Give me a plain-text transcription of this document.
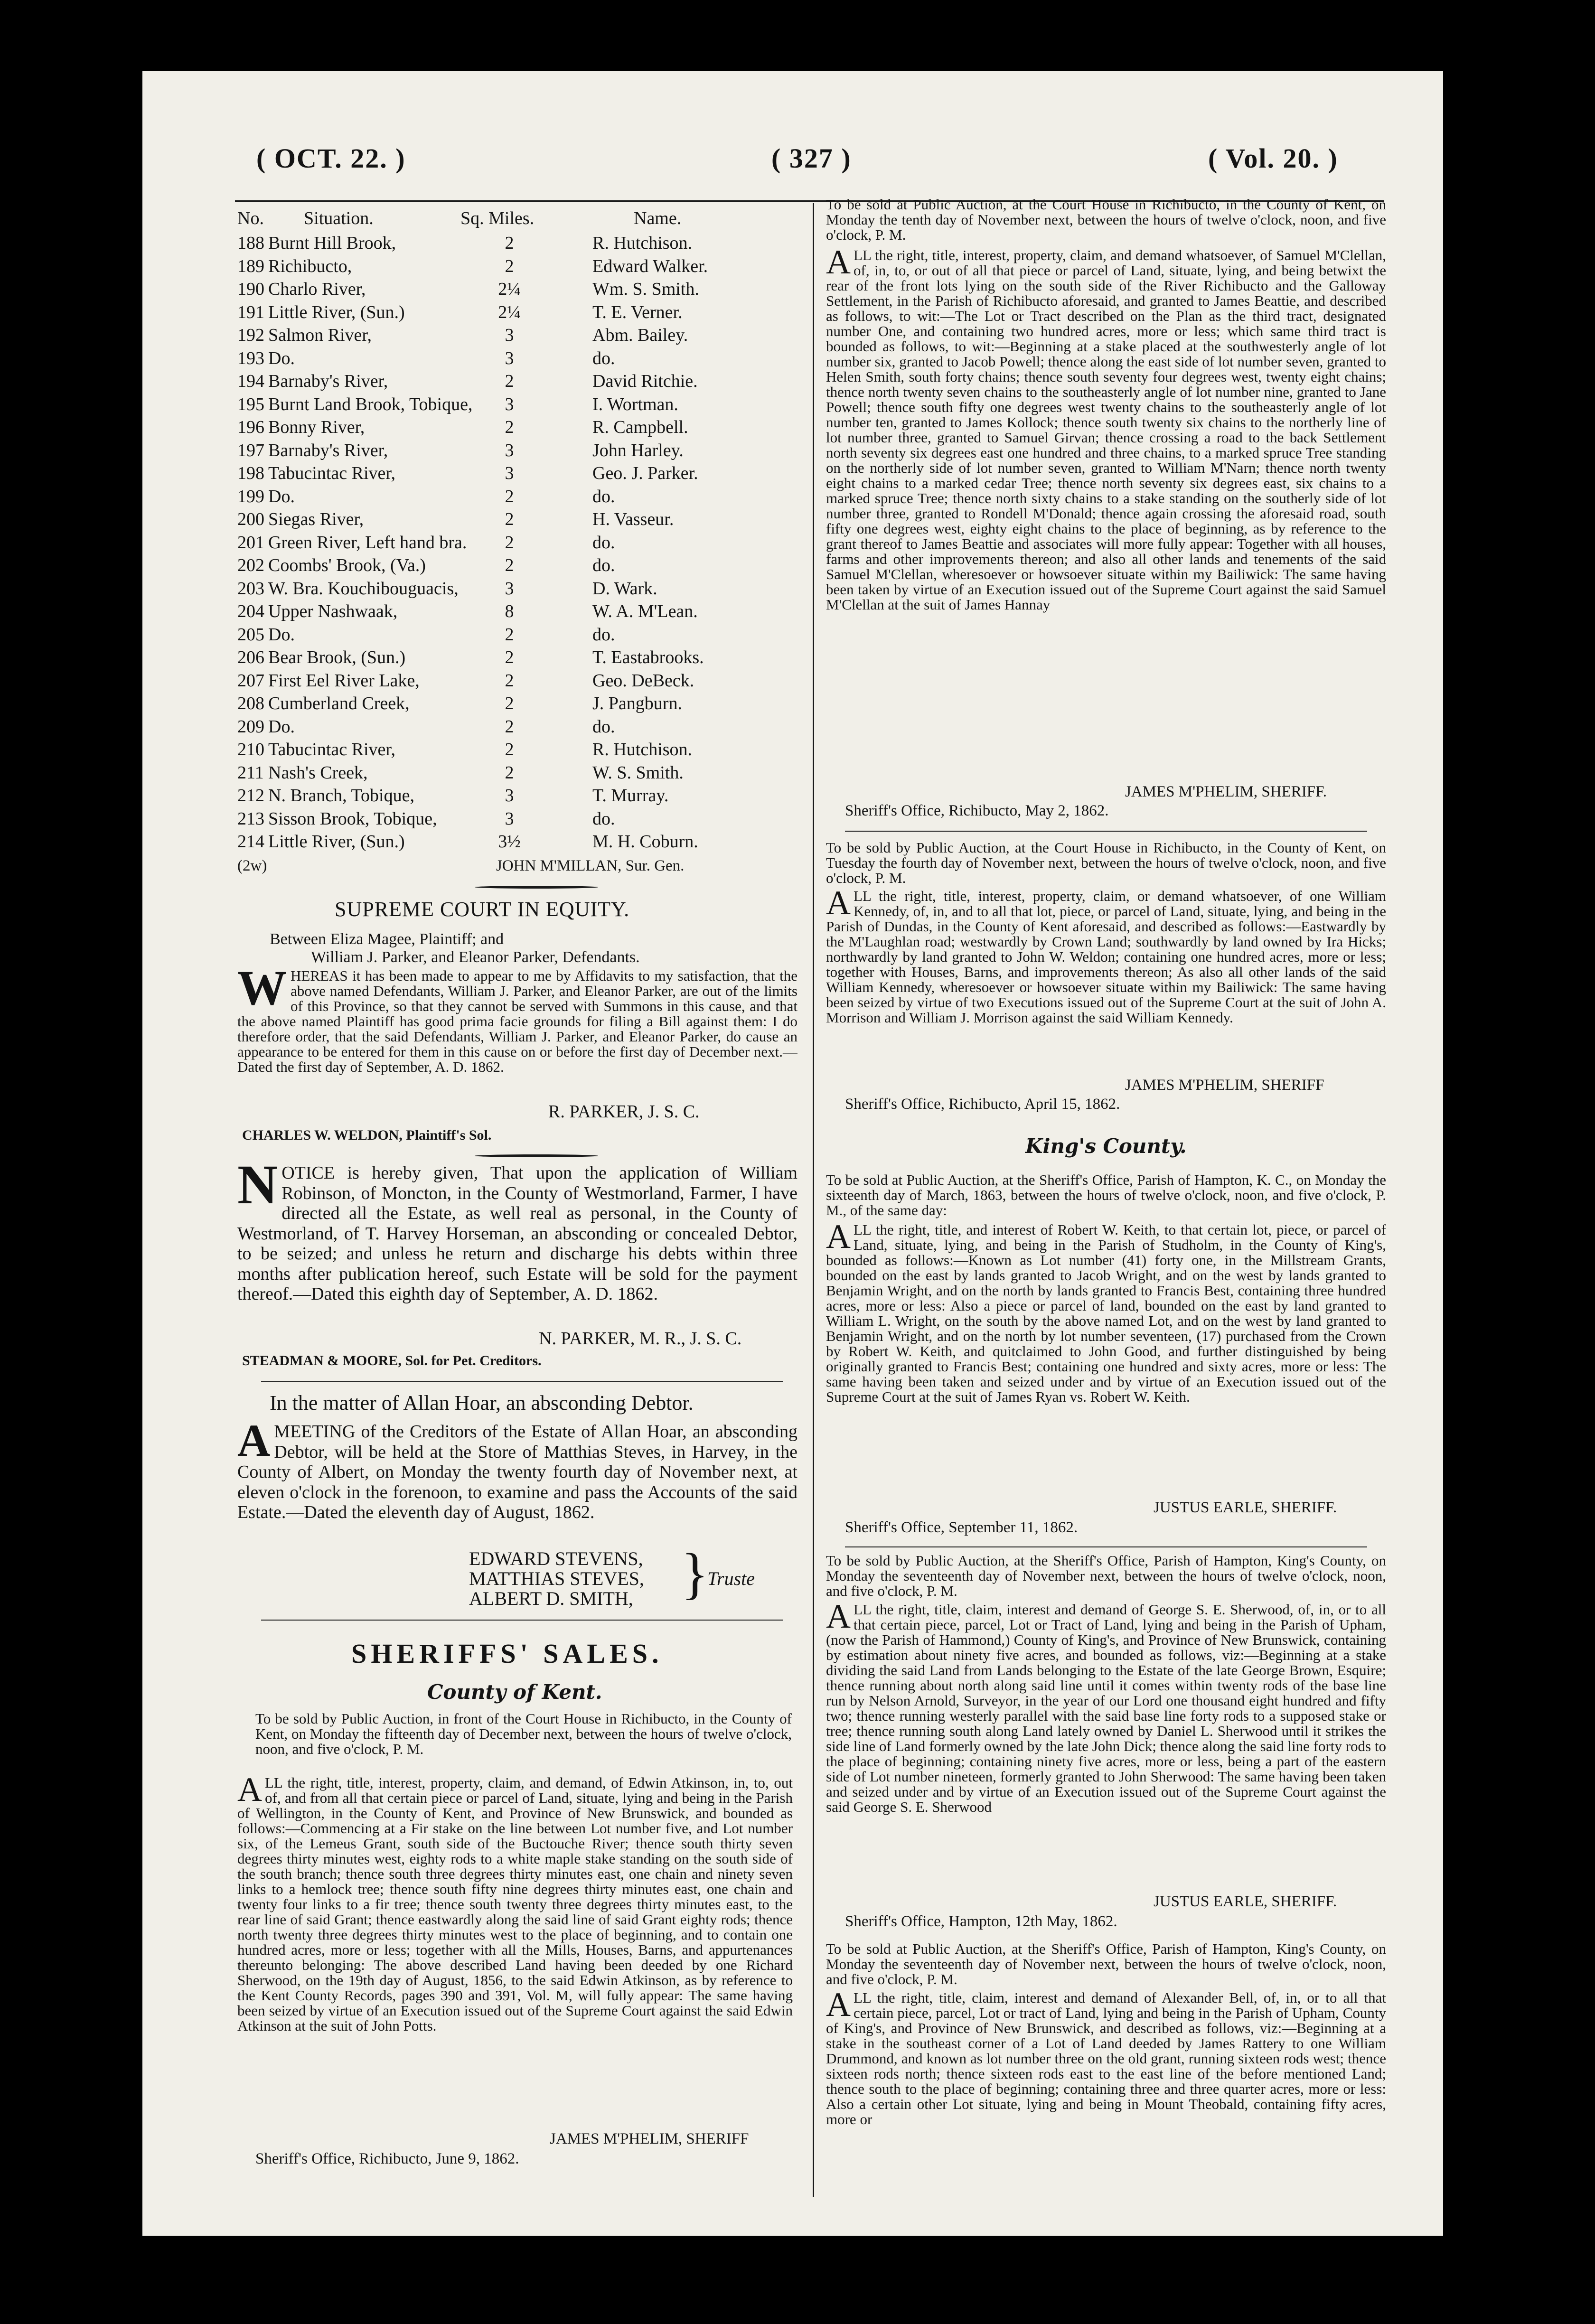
( OCT. 22. )	( 327 )	( Vol. 20. )
No. Situation.	Sq. Miles.	Name.
188 Burnt Hill Brook,	2	R. Hutchison.
189 Richibucto,	2	Edward Walker.
190 Charlo River,	2¼	Wm. S. Smith.
191 Little River, (Sun.)	2¼	T. E. Verner.
192 Salmon River,	3	Abm. Bailey.
193 Do.	3	do.
194 Barnaby's River,	2	David Ritchie.
195 Burnt Land Brook, Tobique,	3	I. Wortman.
196 Bonny River,	2	R. Campbell.
197 Barnaby's River,	3	John Harley.
198 Tabucintac River,	3	Geo. J. Parker.
199 Do.	2	do.
200 Siegas River,	2	H. Vasseur.
201 Green River, Left hand bra.	2	do.
202 Coombs' Brook, (Va.)	2	do.
203 W. Bra. Kouchibouguacis,	3	D. Wark.
204 Upper Nashwaak,	8	W. A. M'Lean.
205 Do.	2	do.
206 Bear Brook, (Sun.)	2	T. Eastabrooks.
207 First Eel River Lake,	2	Geo. DeBeck.
208 Cumberland Creek,	2	J. Pangburn.
209 Do.	2	do.
210 Tabucintac River,	2	R. Hutchison.
211 Nash's Creek,	2	W. S. Smith.
212 N. Branch, Tobique,	3	T. Murray.
213 Sisson Brook, Tobique,	3	do.
214 Little River, (Sun.)	3½	M. H. Coburn.
(2w)	JOHN M'MILLAN, Sur. Gen.
SUPREME COURT IN EQUITY.
Between Eliza Magee, Plaintiff; and
William J. Parker, and Eleanor Parker, Defendants.
WHEREAS it has been made to appear to me by Affidavits to my satisfaction, that the above named Defendants, William J. Parker, and Eleanor Parker, are out of the limits of this Province, so that they cannot be served with Summons in this cause, and that the above named Plaintiff has good prima facie grounds for filing a Bill against them: I do therefore order, that the said Defendants, William J. Parker, and Eleanor Parker, do cause an appearance to be entered for them in this cause on or before the first day of December next.—Dated the first day of September, A. D. 1862.
R. PARKER, J. S. C.
CHARLES W. WELDON, Plaintiff's Sol.
NOTICE is hereby given, That upon the application of William Robinson, of Moncton, in the County of Westmorland, Farmer, I have directed all the Estate, as well real as personal, in the County of Westmorland, of T. Harvey Horseman, an absconding or concealed Debtor, to be seized; and unless he return and discharge his debts within three months after publication hereof, such Estate will be sold for the payment thereof.—Dated this eighth day of September, A. D. 1862.
N. PARKER, M. R., J. S. C.
STEADMAN & MOORE, Sol. for Pet. Creditors.
In the matter of Allan Hoar, an absconding Debtor.
AMEETING of the Creditors of the Estate of Allan Hoar, an absconding Debtor, will be held at the Store of Matthias Steves, in Harvey, in the County of Albert, on Monday the twenty fourth day of November next, at eleven o'clock in the forenoon, to examine and pass the Accounts of the said Estate.—Dated the eleventh day of August, 1862.
EDWARD STEVENS,
MATTHIAS STEVES,
ALBERT D. SMITH, }
Truste
SHERIFFS' SALES.
County of Kent.
To be sold by Public Auction, in front of the Court House in Richibucto, in the County of Kent, on Monday the fifteenth day of December next, between the hours of twelve o'clock, noon, and five o'clock, P. M.
ALL the right, title, interest, property, claim, and demand, of Edwin Atkinson, in, to, out of, and from all that certain piece or parcel of Land, situate, lying and being in the Parish of Wellington, in the County of Kent, and Province of New Brunswick, and bounded as follows:—Commencing at a Fir stake on the line between Lot number five, and Lot number six, of the Lemeus Grant, south side of the Buctouche River; thence south thirty seven degrees thirty minutes west, eighty rods to a white maple stake standing on the south side of the south branch; thence south three degrees thirty minutes east, one chain and ninety seven links to a hemlock tree; thence south fifty nine degrees thirty minutes east, one chain and twenty four links to a fir tree; thence south twenty three degrees thirty minutes east, to the rear line of said Grant; thence eastwardly along the said line of said Grant eighty rods; thence north twenty three degrees thirty minutes west to the place of beginning, and to contain one hundred acres, more or less; together with all the Mills, Houses, Barns, and appurtenances thereunto belonging: The above described Land having been deeded by one Richard Sherwood, on the 19th day of August, 1856, to the said Edwin Atkinson, as by reference to the Kent County Records, pages 390 and 391, Vol. M, will fully appear: The same having been seized by virtue of an Execution issued out of the Supreme Court against the said Edwin Atkinson at the suit of John Potts.
JAMES M'PHELIM, SHERIFF
Sheriff's Office, Richibucto, June 9, 1862.
To be sold at Public Auction, at the Court House in Richibucto, in the County of Kent, on Monday the tenth day of November next, between the hours of twelve o'clock, noon, and five o'clock, P. M.
ALL the right, title, interest, property, claim, and demand whatsoever, of Samuel M'Clellan, of, in, to, or out of all that piece or parcel of Land, situate, lying, and being betwixt the rear of the front lots lying on the south side of the River Richibucto and the Galloway Settlement, in the Parish of Richibucto aforesaid, and granted to James Beattie, and described as follows, to wit:—The Lot or Tract described on the Plan as the third tract, designated number One, and containing two hundred acres, more or less; which same third tract is bounded as follows, to wit:—Beginning at a stake placed at the southwesterly angle of lot number six, granted to Jacob Powell; thence along the east side of lot number seven, granted to Helen Smith, south forty chains; thence south seventy four degrees west, twenty eight chains; thence north twenty seven chains to the southeasterly angle of lot number nine, granted to Jane Powell; thence south fifty one degrees west twenty chains to the southeasterly angle of lot number ten, granted to James Kollock; thence south twenty six chains to the northerly line of lot number three, granted to Samuel Girvan; thence crossing a road to the back Settlement north seventy six degrees east one hundred and three chains, to a marked spruce Tree standing on the northerly side of lot number seven, granted to William M'Narn; thence north twenty eight chains to a marked cedar Tree; thence north seventy six degrees east, six chains to a marked spruce Tree; thence north sixty chains to a stake standing on the southerly side of lot number three, granted to Rondell M'Donald; thence again crossing the aforesaid road, south fifty one degrees west, eighty eight chains to the place of beginning, as by reference to the grant thereof to James Beattie and associates will more fully appear: Together with all houses, farms and other improvements thereon; and also all other lands and tenements of the said Samuel M'Clellan, wheresoever or howsoever situate within my Bailiwick: The same having been taken by virtue of an Execution issued out of the Supreme Court against the said Samuel M'Clellan at the suit of James Hannay
JAMES M'PHELIM, SHERIFF.
Sheriff's Office, Richibucto, May 2, 1862.
To be sold by Public Auction, at the Court House in Richibucto, in the County of Kent, on Tuesday the fourth day of November next, between the hours of twelve o'clock, noon, and five o'clock, P. M.
ALL the right, title, interest, property, claim, or demand whatsoever, of one William Kennedy, of, in, and to all that lot, piece, or parcel of Land, situate, lying, and being in the Parish of Dundas, in the County of Kent aforesaid, and described as follows:—Eastwardly by the M'Laughlan road; westwardly by Crown Land; southwardly by land owned by Ira Hicks; northwardly by land granted to John W. Weldon; containing one hundred acres, more or less; together with Houses, Barns, and improvements thereon; As also all other lands of the said William Kennedy, wheresoever or howsoever situate within my Bailiwick: The same having been seized by virtue of two Executions issued out of the Supreme Court at the suit of John A. Morrison and William J. Morrison against the said William Kennedy.
JAMES M'PHELIM, SHERIFF
Sheriff's Office, Richibucto, April 15, 1862.
King's County.
To be sold at Public Auction, at the Sheriff's Office, Parish of Hampton, K. C., on Monday the sixteenth day of March, 1863, between the hours of twelve o'clock, noon, and five o'clock, P. M., of the same day:
ALL the right, title, and interest of Robert W. Keith, to that certain lot, piece, or parcel of Land, situate, lying, and being in the Parish of Studholm, in the County of King's, bounded as follows:—Known as Lot number (41) forty one, in the Millstream Grants, bounded on the east by lands granted to Jacob Wright, and on the west by lands granted to Benjamin Wright, and on the north by lands granted to Francis Best, containing three hundred acres, more or less: Also a piece or parcel of land, bounded on the east by land granted to William L. Wright, on the south by the above named Lot, and on the west by land granted to Benjamin Wright, and on the north by lot number seventeen, (17) purchased from the Crown by Robert W. Keith, and quitclaimed to John Good, and further distinguished by being originally granted to Francis Best; containing one hundred and sixty acres, more or less: The same having been taken and seized under and by virtue of an Execution issued out of the Supreme Court at the suit of James Ryan vs. Robert W. Keith.
JUSTUS EARLE, SHERIFF.
Sheriff's Office, September 11, 1862.
To be sold by Public Auction, at the Sheriff's Office, Parish of Hampton, King's County, on Monday the seventeenth day of November next, between the hours of twelve o'clock, noon, and five o'clock, P. M.
ALL the right, title, claim, interest and demand of George S. E. Sherwood, of, in, or to all that certain piece, parcel, Lot or Tract of Land, lying and being in the Parish of Upham, (now the Parish of Hammond,) County of King's, and Province of New Brunswick, containing by estimation about ninety five acres, and bounded as follows, viz:—Beginning at a stake dividing the said Land from Lands belonging to the Estate of the late George Brown, Esquire; thence running about north along said line until it comes within twenty rods of the base line run by Nelson Arnold, Surveyor, in the year of our Lord one thousand eight hundred and fifty two; thence running westerly parallel with the said base line forty rods to a supposed stake or tree; thence running south along Land lately owned by Daniel L. Sherwood until it strikes the side line of Land formerly owned by the late John Dick; thence along the said line forty rods to the place of beginning; containing ninety five acres, more or less, being a part of the eastern side of Lot number nineteen, formerly granted to John Sherwood: The same having been taken and seized under and by virtue of an Execution issued out of the Supreme Court against the said George S. E. Sherwood
JUSTUS EARLE, SHERIFF.
Sheriff's Office, Hampton, 12th May, 1862.
To be sold at Public Auction, at the Sheriff's Office, Parish of Hampton, King's County, on Monday the seventeenth day of November next, between the hours of twelve o'clock, noon, and five o'clock, P. M.
ALL the right, title, claim, interest and demand of Alexander Bell, of, in, or to all that certain piece, parcel, Lot or tract of Land, lying and being in the Parish of Upham, County of King's, and Province of New Brunswick, and described as follows, viz:—Beginning at a stake in the southeast corner of a Lot of Land deeded by James Rattery to one William Drummond, and known as lot number three on the old grant, running sixteen rods west; thence sixteen rods north; thence sixteen rods east to the east line of the before mentioned Land; thence south to the place of beginning; containing three and three quarter acres, more or less: Also a certain other Lot situate, lying and being in Mount Theobald, containing fifty acres, more or
